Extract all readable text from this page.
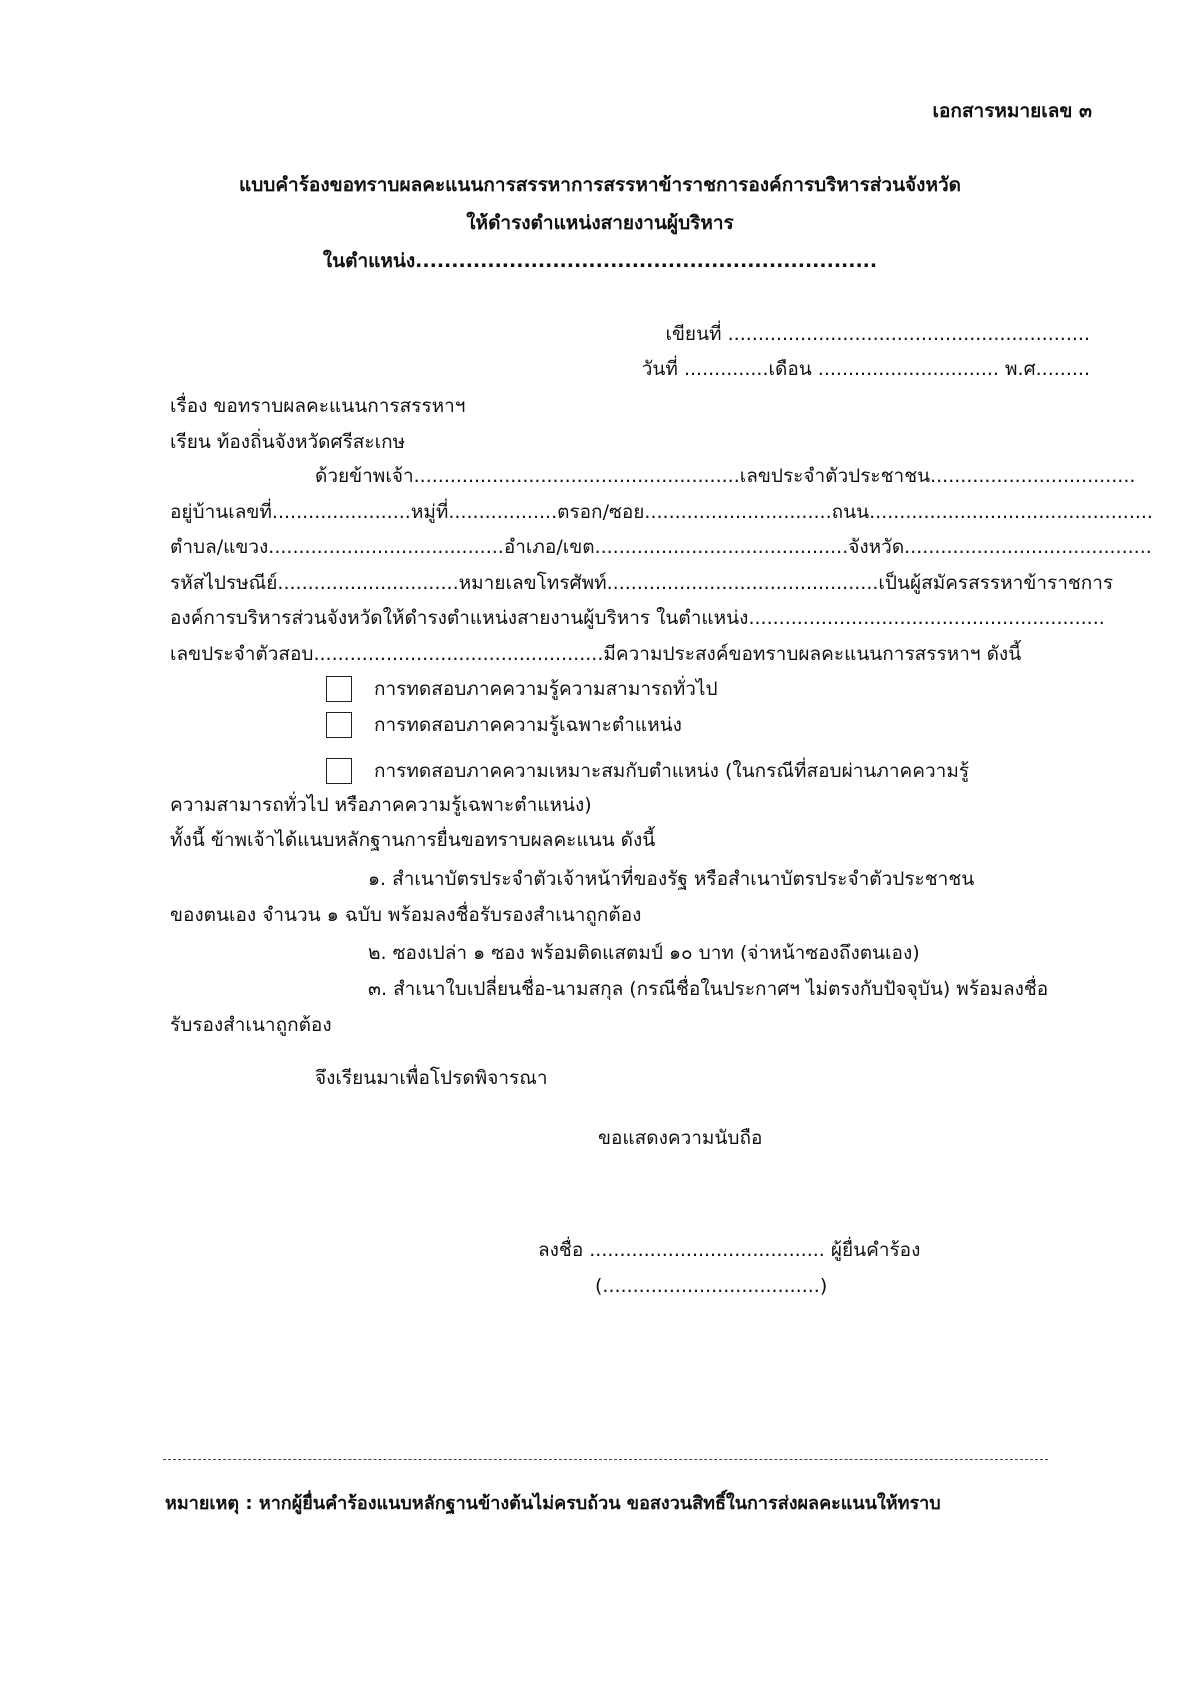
เอกสารหมายเลข ๓
แบบคำร้องขอทราบผลคะแนนการสรรหาการสรรหาข้าราชการองค์การบริหารส่วนจังหวัด
ให้ดำรงตำแหน่งสายงานผู้บริหาร
ในตำแหน่ง................................................................
เขียนที่ ............................................................
วันที่ ..............เดือน .............................. พ.ศ.........
เรื่อง ขอทราบผลคะแนนการสรรหาฯ
เรียน ท้องถิ่นจังหวัดศรีสะเกษ
ด้วยข้าพเจ้า......................................................เลขประจำตัวประชาชน..................................
อยู่บ้านเลขที่.......................หมู่ที่..................ตรอก/ซอย...............................ถนน...............................................
ตำบล/แขวง.......................................อำเภอ/เขต..........................................จังหวัด.........................................
รหัสไปรษณีย์..............................หมายเลขโทรศัพท์.............................................เป็นผู้สมัครสรรหาข้าราชการ
องค์การบริหารส่วนจังหวัดให้ดำรงตำแหน่งสายงานผู้บริหาร ในตำแหน่ง...........................................................
เลขประจำตัวสอบ................................................มีความประสงค์ขอทราบผลคะแนนการสรรหาฯ ดังนี้
การทดสอบภาคความรู้ความสามารถทั่วไป
การทดสอบภาคความรู้เฉพาะตำแหน่ง
การทดสอบภาคความเหมาะสมกับตำแหน่ง (ในกรณีที่สอบผ่านภาคความรู้
ความสามารถทั่วไป หรือภาคความรู้เฉพาะตำแหน่ง)
ทั้งนี้ ข้าพเจ้าได้แนบหลักฐานการยื่นขอทราบผลคะแนน ดังนี้
๑. สำเนาบัตรประจำตัวเจ้าหน้าที่ของรัฐ หรือสำเนาบัตรประจำตัวประชาชน
ของตนเอง จำนวน ๑ ฉบับ พร้อมลงชื่อรับรองสำเนาถูกต้อง
๒. ซองเปล่า ๑ ซอง พร้อมติดแสตมป์ ๑๐ บาท (จ่าหน้าซองถึงตนเอง)
๓. สำเนาใบเปลี่ยนชื่อ-นามสกุล (กรณีชื่อในประกาศฯ ไม่ตรงกับปัจจุบัน) พร้อมลงชื่อ
รับรองสำเนาถูกต้อง
จึงเรียนมาเพื่อโปรดพิจารณา
ขอแสดงความนับถือ
ลงชื่อ ....................................... ผู้ยื่นคำร้อง
(....................................)
หมายเหตุ : หากผู้ยื่นคำร้องแนบหลักฐานข้างต้นไม่ครบถ้วน ขอสงวนสิทธิ์ในการส่งผลคะแนนให้ทราบ
